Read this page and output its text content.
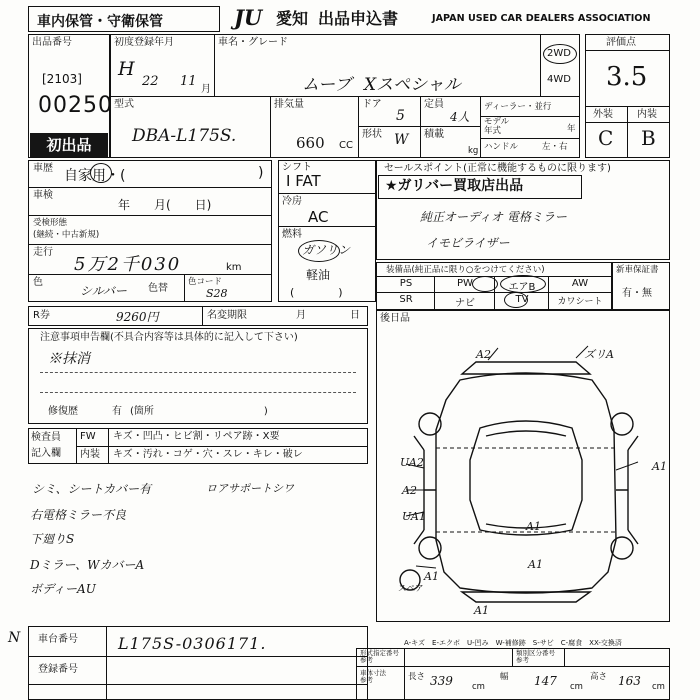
車内保管・守衛保管	JU 愛知 出品申込書	JAPAN USED CAR DEALERS ASSOCIATION
出品番号
[2103]
00250
初出品
初度登録年月
H
22 11
月
車名・グレード
ムーブ Xスペシャル
2WD
4WD
評価点
3.5
外装 内装
C B
型式
DBA-L175S.
排気量
660 CC
ドア
5
形状 W
定員
4人
積載
kg
ディーラー・並行
モデル
年式	年
ハンドル	左・右
車歴 自家用・(	)
車検
年　　月(　　日)
受検形態
(継続・中古新規)
走行
5万2千030	km
色
シルバー 色替
色コード
S28
シフト
I FAT
冷房
AC
燃料
ガソリン
軽油
(　　　　)
セールスポイント(正常に機能するものに限ります)
★ガリバー買取店出品
純正オーディオ 電格ミラー
イモビライザー
装備品(純正品に限り○をつけてください)
PS	PW	エアB	AW
SR	ナビ	TV	カワシート
新車保証書
有・無
R券	9260円	名変期限	月	日
注意事項申告欄(不具合内容等は具体的に記入して下さい)
※抹消
修復歴	有 (箇所　　　　　　　　　　　)
検査員
記入欄
FW キズ・凹凸・ヒビ割・リペア跡・X要
内装 キズ・汚れ・コゲ・穴・スレ・キレ・破レ
シミ、シートカバー有
右電格ミラー不良
下廻りS
Dミラー、WカバーA
ボディーAU
ロアサポートシワ
後日品
A2	ズリA
A1
UA2
A2
UA1
A1
A1
A1
A1
スペア
A-キズ　E-エクボ　U-凹み　W-補修跡　S-サビ　C-腐食　XX-交換済
N 車台番号	L175S-0306171.
登録番号
形式指定番号
参考
類別区分番号
参考
車体寸法
参考	長さ 339 cm
幅 147 cm
高さ 163 cm
